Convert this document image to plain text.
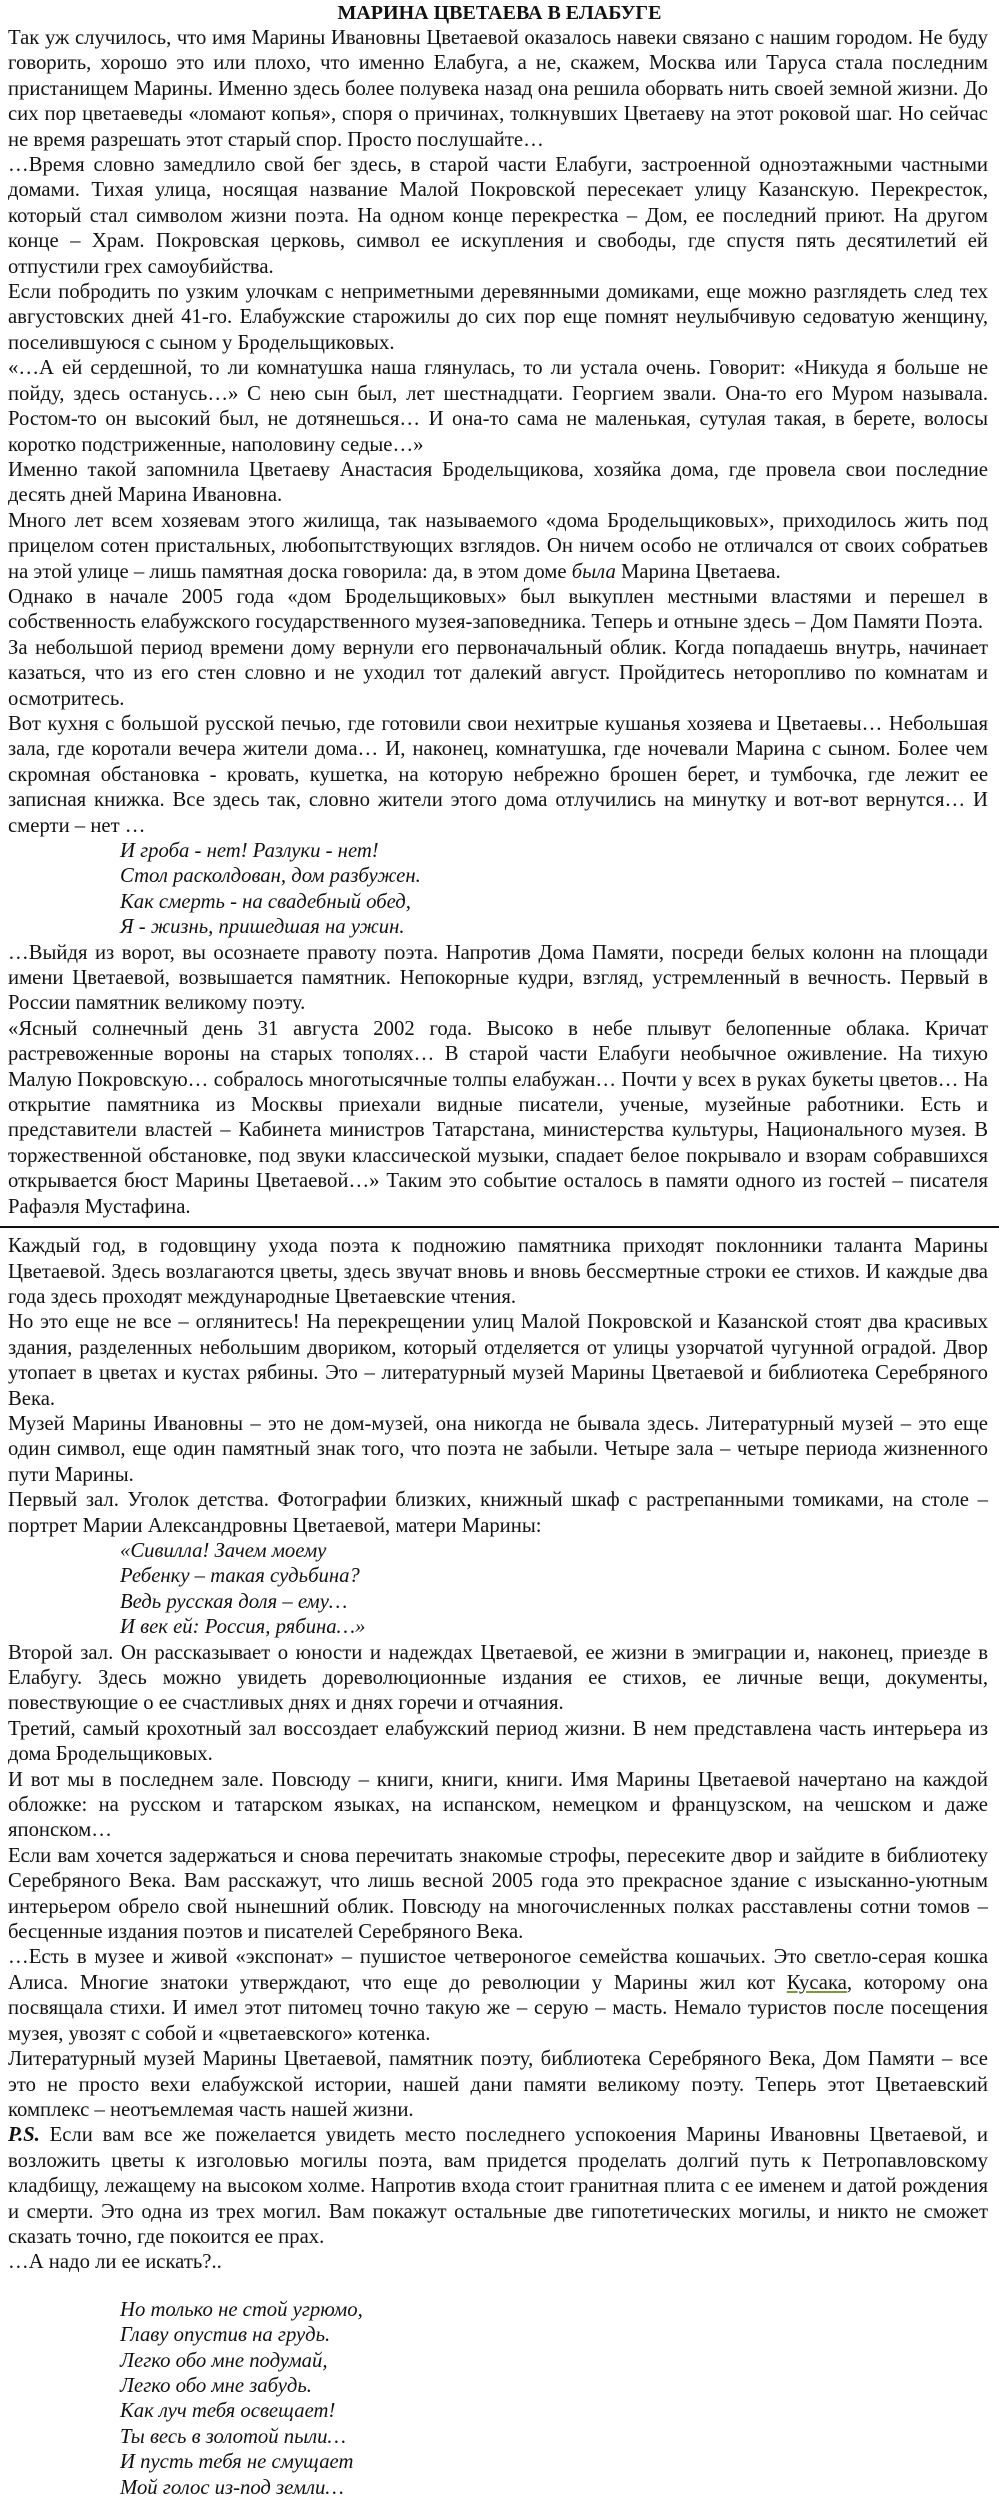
МАРИНА ЦВЕТАЕВА В ЕЛАБУГЕ

Так уж случилось, что имя Марины Ивановны Цветаевой оказалось навеки связано с нашим городом. Не буду говорить, хорошо это или плохо, что именно Елабуга, а не, скажем, Москва или Таруса стала последним пристанищем Марины. Именно здесь более полувека назад она решила оборвать нить своей земной жизни. До сих пор цветаеведы «ломают копья», споря о причинах, толкнувших Цветаеву на этот роковой шаг. Но сейчас не время разрешать этот старый спор. Просто послушайте…

…Время словно замедлило свой бег здесь, в старой части Елабуги, застроенной одноэтажными частными домами. Тихая улица, носящая название Малой Покровской пересекает улицу Казанскую. Перекресток, который стал символом жизни поэта. На одном конце перекрестка – Дом, ее последний приют. На другом конце – Храм. Покровская церковь, символ ее искупления и свободы, где спустя пять десятилетий ей отпустили грех самоубийства.

Если побродить по узким улочкам с неприметными деревянными домиками, еще можно разглядеть след тех августовских дней 41-го. Елабужские старожилы до сих пор еще помнят неулыбчивую седоватую женщину, поселившуюся с сыном у Бродельщиковых.

«…А ей сердешной, то ли комнатушка наша глянулась, то ли устала очень. Говорит: «Никуда я больше не пойду, здесь останусь…» С нею сын был, лет шестнадцати. Георгием звали. Она-то его Муром называла. Ростом-то он высокий был, не дотянешься… И она-то сама не маленькая, сутулая такая, в берете, волосы коротко подстриженные, наполовину седые…»

Именно такой запомнила Цветаеву Анастасия Бродельщикова, хозяйка дома, где провела свои последние десять дней Марина Ивановна.

Много лет всем хозяевам этого жилища, так называемого «дома Бродельщиковых», приходилось жить под прицелом сотен пристальных, любопытствующих взглядов. Он ничем особо не отличался от своих собратьев на этой улице – лишь памятная доска говорила: да, в этом доме была Марина Цветаева.

Однако в начале 2005 года «дом Бродельщиковых» был выкуплен местными властями и перешел в собственность елабужского государственного музея-заповедника. Теперь и отныне здесь – Дом Памяти Поэта.

За небольшой период времени дому вернули его первоначальный облик. Когда попадаешь внутрь, начинает казаться, что из его стен словно и не уходил тот далекий август. Пройдитесь неторопливо по комнатам и осмотритесь.

Вот кухня с большой русской печью, где готовили свои нехитрые кушанья хозяева и Цветаевы… Небольшая зала, где коротали вечера жители дома… И, наконец, комнатушка, где ночевали Марина с сыном. Более чем скромная обстановка - кровать, кушетка, на которую небрежно брошен берет, и тумбочка, где лежит ее записная книжка. Все здесь так, словно жители этого дома отлучились на минутку и вот-вот вернутся… И смерти – нет …

И гроба - нет! Разлуки - нет!
Стол расколдован, дом разбужен.
Как смерть - на свадебный обед,
Я - жизнь, пришедшая на ужин.

…Выйдя из ворот, вы осознаете правоту поэта. Напротив Дома Памяти, посреди белых колонн на площади имени Цветаевой, возвышается памятник. Непокорные кудри, взгляд, устремленный в вечность. Первый в России памятник великому поэту.

«Ясный солнечный день 31 августа 2002 года. Высоко в небе плывут белопенные облака. Кричат растревоженные вороны на старых тополях… В старой части Елабуги необычное оживление. На тихую Малую Покровскую… собралось многотысячные толпы елабужан… Почти у всех в руках букеты цветов… На открытие памятника из Москвы приехали видные писатели, ученые, музейные работники. Есть и представители властей – Кабинета министров Татарстана, министерства культуры, Национального музея. В торжественной обстановке, под звуки классической музыки, спадает белое покрывало и взорам собравшихся открывается бюст Марины Цветаевой…» Таким это событие осталось в памяти одного из гостей – писателя Рафаэля Мустафина.

Каждый год, в годовщину ухода поэта к подножию памятника приходят поклонники таланта Марины Цветаевой. Здесь возлагаются цветы, здесь звучат вновь и вновь бессмертные строки ее стихов. И каждые два года здесь проходят международные Цветаевские чтения.

Но это еще не все – оглянитесь! На перекрещении улиц Малой Покровской и Казанской стоят два красивых здания, разделенных небольшим двориком, который отделяется от улицы узорчатой чугунной оградой. Двор утопает в цветах и кустах рябины. Это – литературный музей Марины Цветаевой и библиотека Серебряного Века.

Музей Марины Ивановны – это не дом-музей, она никогда не бывала здесь. Литературный музей – это еще один символ, еще один памятный знак того, что поэта не забыли. Четыре зала – четыре периода жизненного пути Марины.

Первый зал. Уголок детства. Фотографии близких, книжный шкаф с растрепанными томиками, на столе – портрет Марии Александровны Цветаевой, матери Марины:

«Сивилла! Зачем моему
Ребенку – такая судьбина?
Ведь русская доля – ему…
И век ей: Россия, рябина…»

Второй зал. Он рассказывает о юности и надеждах Цветаевой, ее жизни в эмиграции и, наконец, приезде в Елабугу. Здесь можно увидеть дореволюционные издания ее стихов, ее личные вещи, документы, повествующие о ее счастливых днях и днях горечи и отчаяния.

Третий, самый крохотный зал воссоздает елабужский период жизни. В нем представлена часть интерьера из дома Бродельщиковых.

И вот мы в последнем зале. Повсюду – книги, книги, книги. Имя Марины Цветаевой начертано на каждой обложке: на русском и татарском языках, на испанском, немецком и французском, на чешском и даже японском…

Если вам хочется задержаться и снова перечитать знакомые строфы, пересеките двор и зайдите в библиотеку Серебряного Века. Вам расскажут, что лишь весной 2005 года это прекрасное здание с изысканно-уютным интерьером обрело свой нынешний облик. Повсюду на многочисленных полках расставлены сотни томов – бесценные издания поэтов и писателей Серебряного Века.

…Есть в музее и живой «экспонат» – пушистое четвероногое семейства кошачьих. Это светло-серая кошка Алиса. Многие знатоки утверждают, что еще до революции у Марины жил кот Кусака, которому она посвящала стихи. И имел этот питомец точно такую же – серую – масть. Немало туристов после посещения музея, увозят с собой и «цветаевского» котенка.

Литературный музей Марины Цветаевой, памятник поэту, библиотека Серебряного Века, Дом Памяти – все это не просто вехи елабужской истории, нашей дани памяти великому поэту. Теперь этот Цветаевский комплекс – неотъемлемая часть нашей жизни.

P.S. Если вам все же пожелается увидеть место последнего успокоения Марины Ивановны Цветаевой, и возложить цветы к изголовью могилы поэта, вам придется проделать долгий путь к Петропавловскому кладбищу, лежащему на высоком холме. Напротив входа стоит гранитная плита с ее именем и датой рождения и смерти. Это одна из трех могил. Вам покажут остальные две гипотетических могилы, и никто не сможет сказать точно, где покоится ее прах.

…А надо ли ее искать?..

Но только не стой угрюмо,
Главу опустив на грудь.
Легко обо мне подумай,
Легко обо мне забудь.
Как луч тебя освещает!
Ты весь в золотой пыли…
И пусть тебя не смущает
Мой голос из-под земли…
